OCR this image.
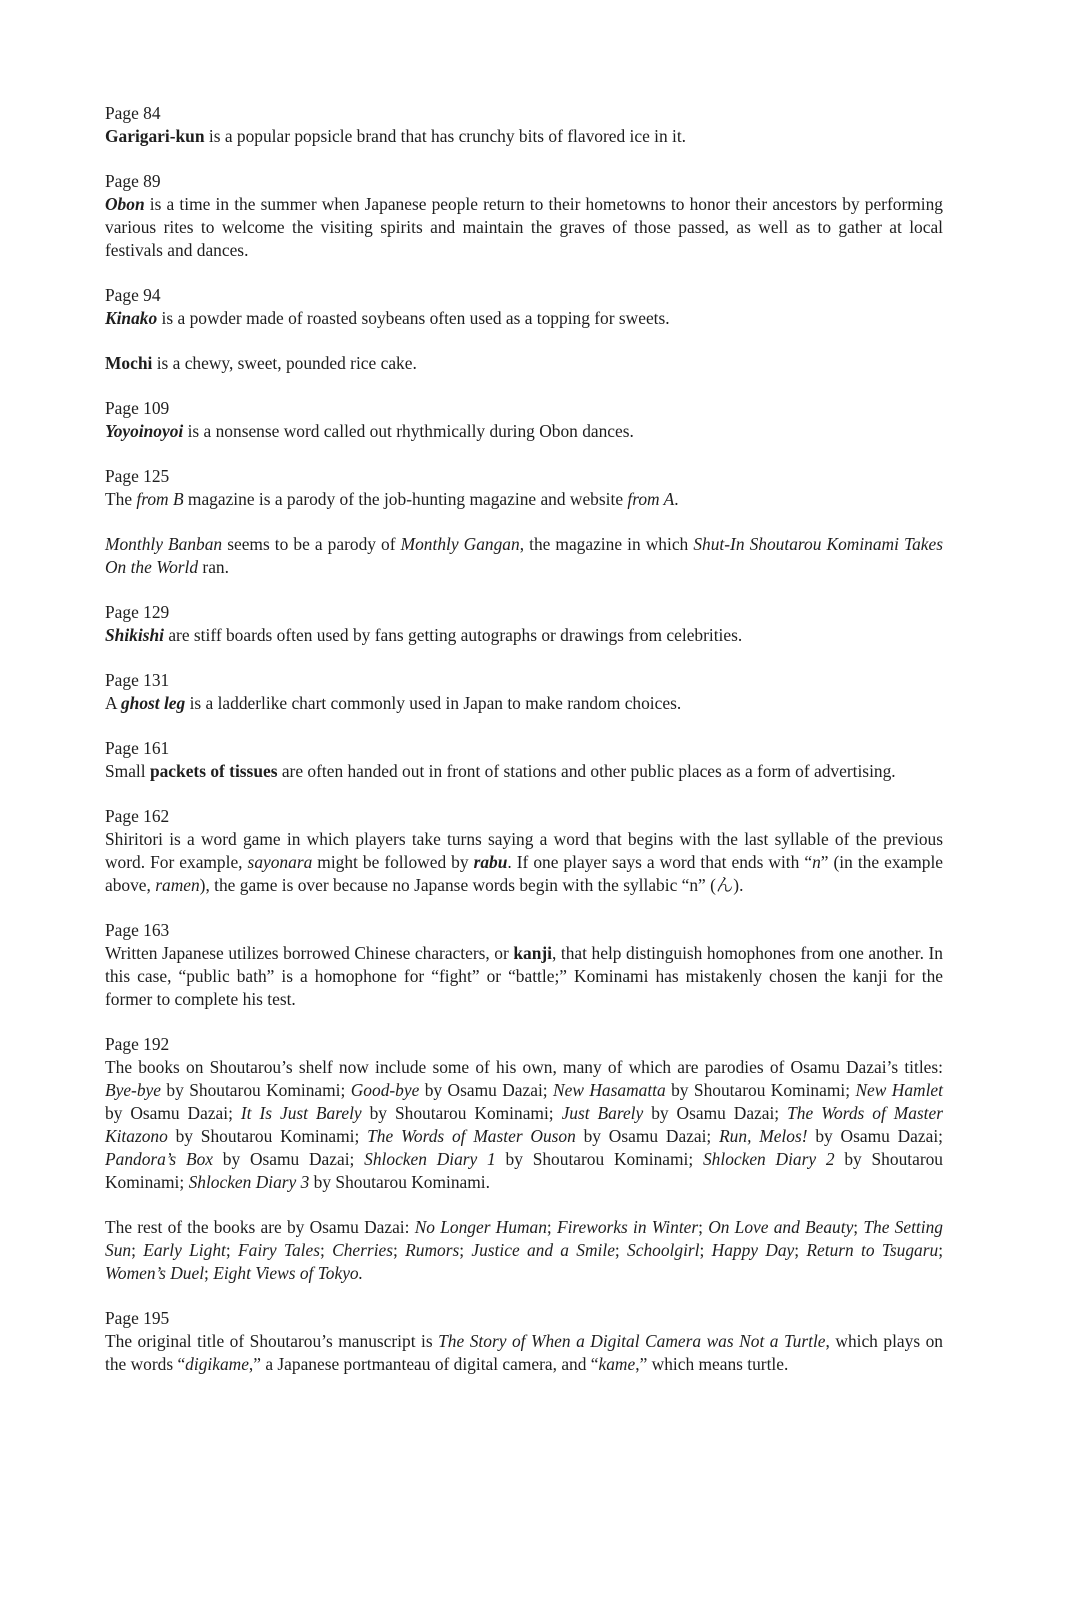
Page 84
Garigari-kun is a popular popsicle brand that has crunchy bits of flavored ice in it.
Page 89
Obon is a time in the summer when Japanese people return to their hometowns to honor their ancestors by performing various rites to welcome the visiting spirits and maintain the graves of those passed, as well as to gather at local festivals and dances.
Page 94
Kinako is a powder made of roasted soybeans often used as a topping for sweets.
Mochi is a chewy, sweet, pounded rice cake.
Page 109
Yoyoinoyoi is a nonsense word called out rhythmically during Obon dances.
Page 125
The from B magazine is a parody of the job-hunting magazine and website from A.
Monthly Banban seems to be a parody of Monthly Gangan, the magazine in which Shut-In Shoutarou Kominami Takes On the World ran.
Page 129
Shikishi are stiff boards often used by fans getting autographs or drawings from celebrities.
Page 131
A ghost leg is a ladderlike chart commonly used in Japan to make random choices.
Page 161
Small packets of tissues are often handed out in front of stations and other public places as a form of advertising.
Page 162
Shiritori is a word game in which players take turns saying a word that begins with the last syllable of the previous word. For example, sayonara might be followed by rabu. If one player says a word that ends with “n” (in the example above, ramen), the game is over because no Japanse words begin with the syllabic “n” (ん).
Page 163
Written Japanese utilizes borrowed Chinese characters, or kanji, that help distinguish homophones from one another. In this case, “public bath” is a homophone for “fight” or “battle;” Kominami has mistakenly chosen the kanji for the former to complete his test.
Page 192
The books on Shoutarou’s shelf now include some of his own, many of which are parodies of Osamu Dazai’s titles: Bye-bye by Shoutarou Kominami; Good-bye by Osamu Dazai; New Hasamatta by Shoutarou Kominami; New Hamlet by Osamu Dazai; It Is Just Barely by Shoutarou Kominami; Just Barely by Osamu Dazai; The Words of Master Kitazono by Shoutarou Kominami; The Words of Master Ouson by Osamu Dazai; Run, Melos! by Osamu Dazai; Pandora’s Box by Osamu Dazai; Shlocken Diary 1 by Shoutarou Kominami; Shlocken Diary 2 by Shoutarou Kominami; Shlocken Diary 3 by Shoutarou Kominami.
The rest of the books are by Osamu Dazai: No Longer Human; Fireworks in Winter; On Love and Beauty; The Setting Sun; Early Light; Fairy Tales; Cherries; Rumors; Justice and a Smile; Schoolgirl; Happy Day; Return to Tsugaru; Women’s Duel; Eight Views of Tokyo.
Page 195
The original title of Shoutarou’s manuscript is The Story of When a Digital Camera was Not a Turtle, which plays on the words “digikame,” a Japanese portmanteau of digital camera, and “kame,” which means turtle.
